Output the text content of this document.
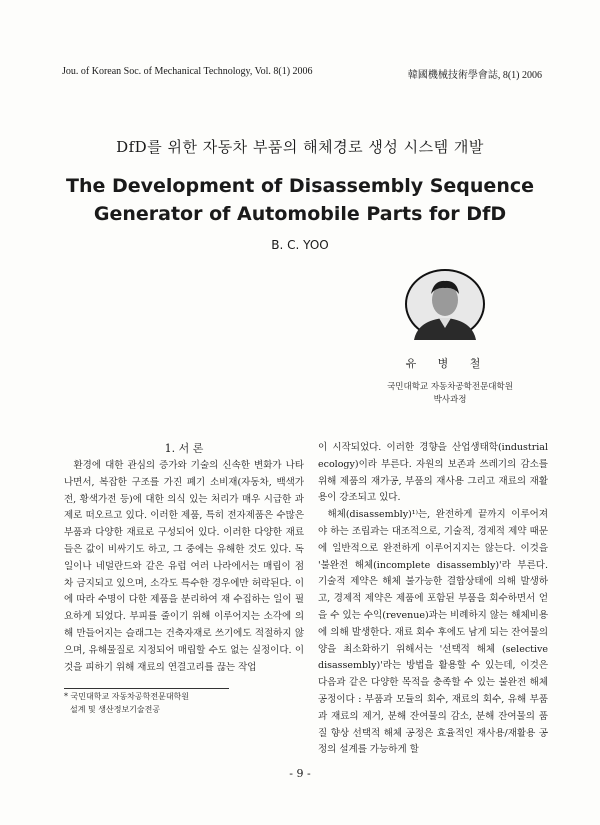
Jou. of Korean Soc. of Mechanical Technology, Vol. 8(1) 2006	韓國機械技術學會誌, 8(1) 2006
DfD를 위한 자동차 부품의 해체경로 생성 시스템 개발
The Development of Disassembly Sequence Generator of Automobile Parts for DfD
B. C. YOO
유 병 철
국민대학교 자동차공학전문대학원
박사과정
1. 서 론

환경에 대한 관심의 증가와 기술의 신속한 변화가 나타나면서, 복잡한 구조를 가진 폐기 소비재(자동차, 백색가전, 황색가전 등)에 대한 의식 있는 처리가 매우 시급한 과제로 떠오르고 있다. 이러한 제품, 특히 전자제품은 수많은 부품과 다양한 재료로 구성되어 있다. 이러한 다양한 재료들은 값이 비싸기도 하고, 그 중에는 유해한 것도 있다. 독일이나 네덜란드와 같은 유럽 여러 나라에서는 매립이 점차 금지되고 있으며, 소각도 특수한 경우에만 허락된다. 이에 따라 수명이 다한 제품을 분리하여 재 수집하는 일이 필요하게 되었다. 부피를 줄이기 위해 이루어지는 소각에 의해 만들어지는 슬래그는 건축자재로 쓰기에도 적절하지 않으며, 유해물질로 지정되어 매립할 수도 없는 실정이다. 이것을 피하기 위해 재료의 연결고리를 끊는 작업

이 시작되었다. 이러한 경향을 산업생태학(industrial ecology)이라 부른다. 자원의 보존과 쓰레기의 감소를 위해 제품의 재가공, 부품의 재사용 그리고 재료의 재활용이 강조되고 있다.

해체(disassembly)¹⁾는, 완전하게 끝까지 이루어져야 하는 조립과는 대조적으로, 기술적, 경제적 제약 때문에 일반적으로 완전하게 이루어지지는 않는다. 이것을 '불완전 해체(incomplete disassembly)'라 부른다. 기술적 제약은 해체 불가능한 결합상태에 의해 발생하고, 경제적 제약은 제품에 포함된 부품을 회수하면서 얻을 수 있는 수익(revenue)과는 비례하지 않는 해체비용에 의해 발생한다. 재료 회수 후에도 남게 되는 잔여물의 양을 최소화하기 위해서는 '선택적 해체 (selective disassembly)'라는 방법을 활용할 수 있는데, 이것은 다음과 같은 다양한 목적을 충족할 수 있는 불완전 해체 공정이다 : 부품과 모듈의 회수, 재료의 회수, 유해 부품과 재료의 제거, 분해 잔여물의 감소, 분해 잔여물의 품질 향상 선택적 해체 공정은 효율적인 재사용/재활용 공정의 설계를 가능하게 할

* 국민대학교 자동차공학전문대학원
설계 및 생산정보기술전공
- 9 -
